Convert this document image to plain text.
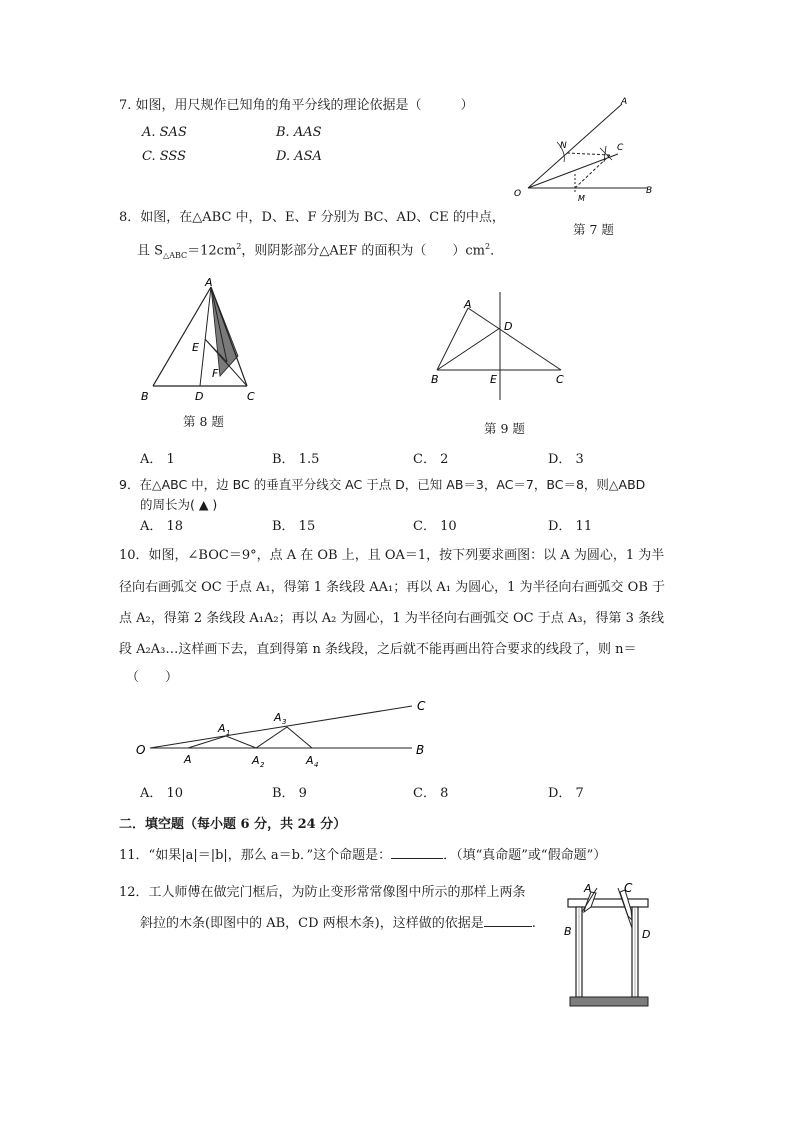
7. 如图，用尺规作已知角的角平分线的理论依据是（　　　）
A. SAS	B. AAS
C. SSS	D. ASA
A
N	C
O	M
B
第 7 题
8．如图，在△ABC 中，D、E、F 分别为 BC、AD、CE 的中点，
且 $S_{\triangle ABC}=12cm^2$，则阴影部分△AEF 的面积为（　　）$cm^2$．
A
E
F
B	D	C
第 8 题
A
D
B	E	C
第 9 题
A． 1	B． 1.5	C． 2	D． 3
9．在△ABC 中，边 BC 的垂直平分线交 AC 于点 D，已知 AB＝3，AC＝7，BC＝8，则△ABD
的周长为( ▲ )
A． 18	B． 15	C． 10	D． 11
10．如图，∠BOC＝9°，点 A 在 OB 上，且 OA＝1，按下列要求画图：以 A 为圆心，1 为半
径向右画弧交 OC 于点 A₁，得第 1 条线段 AA₁；再以 A₁ 为圆心，1 为半径向右画弧交 OB 于
点 A₂，得第 2 条线段 A₁A₂；再以 A₂ 为圆心，1 为半径向右画弧交 OC 于点 A₃，得第 3 条线
段 A₂A₃…这样画下去，直到得第 n 条线段，之后就不能再画出符合要求的线段了，则 n＝
（　　）
O
A
A 1
A 2
A 3
A 4
B
C
A． 10	B． 9	C． 8	D． 7
二．填空题（每小题 6 分，共 24 分）
11．“如果|a|＝|b|，那么 a＝b．”这个命题是：	．（填“真命题”或“假命题”）
12．工人师傅在做完门框后，为防止变形常常像图中所示的那样上两条
斜拉的木条(即图中的 AB，CD 两根木条)，这样做的依据是	.
A	C
B	D
